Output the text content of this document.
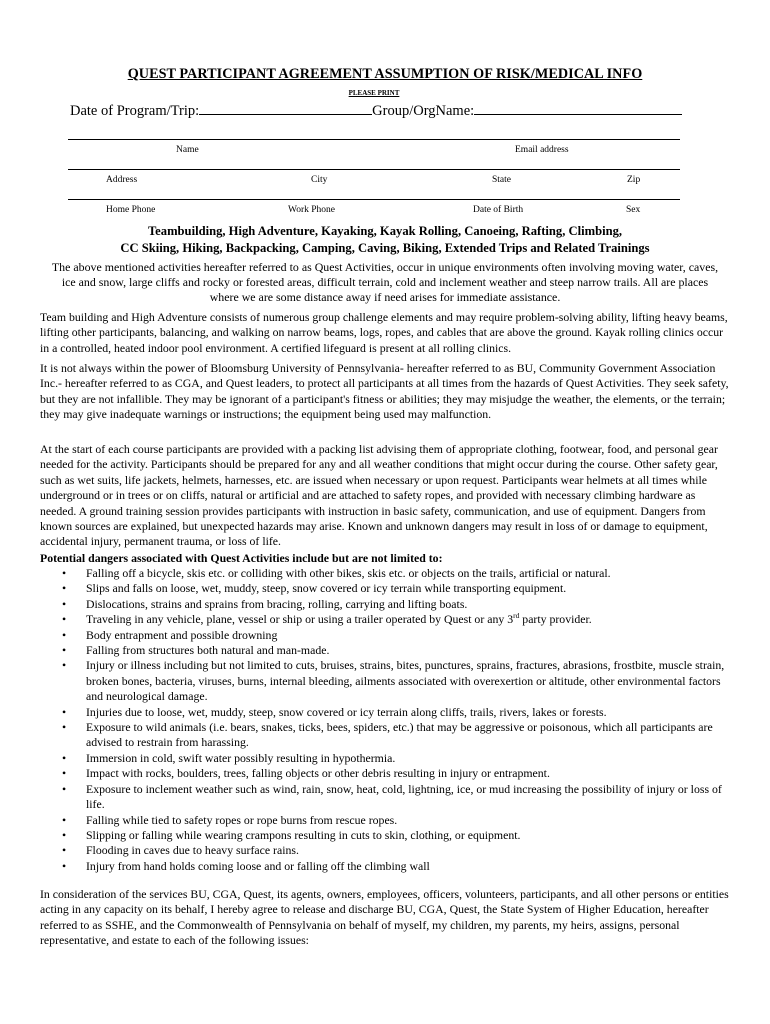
QUEST PARTICIPANT AGREEMENT ASSUMPTION OF RISK/MEDICAL INFO
PLEASE PRINT
Date of Program/Trip:	Group/OrgName:
Name	Email address
Address	City	State	Zip
Home Phone	Work Phone	Date of Birth	Sex
Teambuilding, High Adventure, Kayaking, Kayak Rolling, Canoeing, Rafting, Climbing,
CC Skiing, Hiking, Backpacking, Camping, Caving, Biking, Extended Trips and Related Trainings
The above mentioned activities hereafter referred to as Quest Activities, occur in unique environments often involving moving water, caves, ice and snow, large cliffs and rocky or forested areas, difficult terrain, cold and inclement weather and steep narrow trails. All are places where we are some distance away if need arises for immediate assistance.

Team building and High Adventure consists of numerous group challenge elements and may require problem-solving ability, lifting heavy beams, lifting other participants, balancing, and walking on narrow beams, logs, ropes, and cables that are above the ground. Kayak rolling clinics occur in a controlled, heated indoor pool environment. A certified lifeguard is present at all rolling clinics.

It is not always within the power of Bloomsburg University of Pennsylvania- hereafter referred to as BU, Community Government Association Inc.- hereafter referred to as CGA, and Quest leaders, to protect all participants at all times from the hazards of Quest Activities. They seek safety, but they are not infallible. They may be ignorant of a participant's fitness or abilities; they may misjudge the weather, the elements, or the terrain; they may give inadequate warnings or instructions; the equipment being used may malfunction.

At the start of each course participants are provided with a packing list advising them of appropriate clothing, footwear, food, and personal gear needed for the activity. Participants should be prepared for any and all weather conditions that might occur during the course. Other safety gear, such as wet suits, life jackets, helmets, harnesses, etc. are issued when necessary or upon request. Participants wear helmets at all times while underground or in trees or on cliffs, natural or artificial and are attached to safety ropes, and provided with necessary climbing hardware as needed. A ground training session provides participants with instruction in basic safety, communication, and use of equipment. Dangers from known sources are explained, but unexpected hazards may arise. Known and unknown dangers may result in loss of or damage to equipment, accidental injury, permanent trauma, or loss of life.

Potential dangers associated with Quest Activities include but are not limited to:
• Falling off a bicycle, skis etc. or colliding with other bikes, skis etc. or objects on the trails, artificial or natural.
• Slips and falls on loose, wet, muddy, steep, snow covered or icy terrain while transporting equipment.
• Dislocations, strains and sprains from bracing, rolling, carrying and lifting boats.
• Traveling in any vehicle, plane, vessel or ship or using a trailer operated by Quest or any 3rd party provider.
• Body entrapment and possible drowning
• Falling from structures both natural and man-made.
• Injury or illness including but not limited to cuts, bruises, strains, bites, punctures, sprains, fractures, abrasions, frostbite, muscle strain, broken bones, bacteria, viruses, burns, internal bleeding, ailments associated with overexertion or altitude, other environmental factors and neurological damage.
• Injuries due to loose, wet, muddy, steep, snow covered or icy terrain along cliffs, trails, rivers, lakes or forests.
• Exposure to wild animals (i.e. bears, snakes, ticks, bees, spiders, etc.) that may be aggressive or poisonous, which all participants are advised to restrain from harassing.
• Immersion in cold, swift water possibly resulting in hypothermia.
• Impact with rocks, boulders, trees, falling objects or other debris resulting in injury or entrapment.
• Exposure to inclement weather such as wind, rain, snow, heat, cold, lightning, ice, or mud increasing the possibility of injury or loss of life.
• Falling while tied to safety ropes or rope burns from rescue ropes.
• Slipping or falling while wearing crampons resulting in cuts to skin, clothing, or equipment.
• Flooding in caves due to heavy surface rains.
• Injury from hand holds coming loose and or falling off the climbing wall

In consideration of the services BU, CGA, Quest, its agents, owners, employees, officers, volunteers, participants, and all other persons or entities acting in any capacity on its behalf, I hereby agree to release and discharge BU, CGA, Quest, the State System of Higher Education, hereafter referred to as SSHE, and the Commonwealth of Pennsylvania on behalf of myself, my children, my parents, my heirs, assigns, personal representative, and estate to each of the following issues:
